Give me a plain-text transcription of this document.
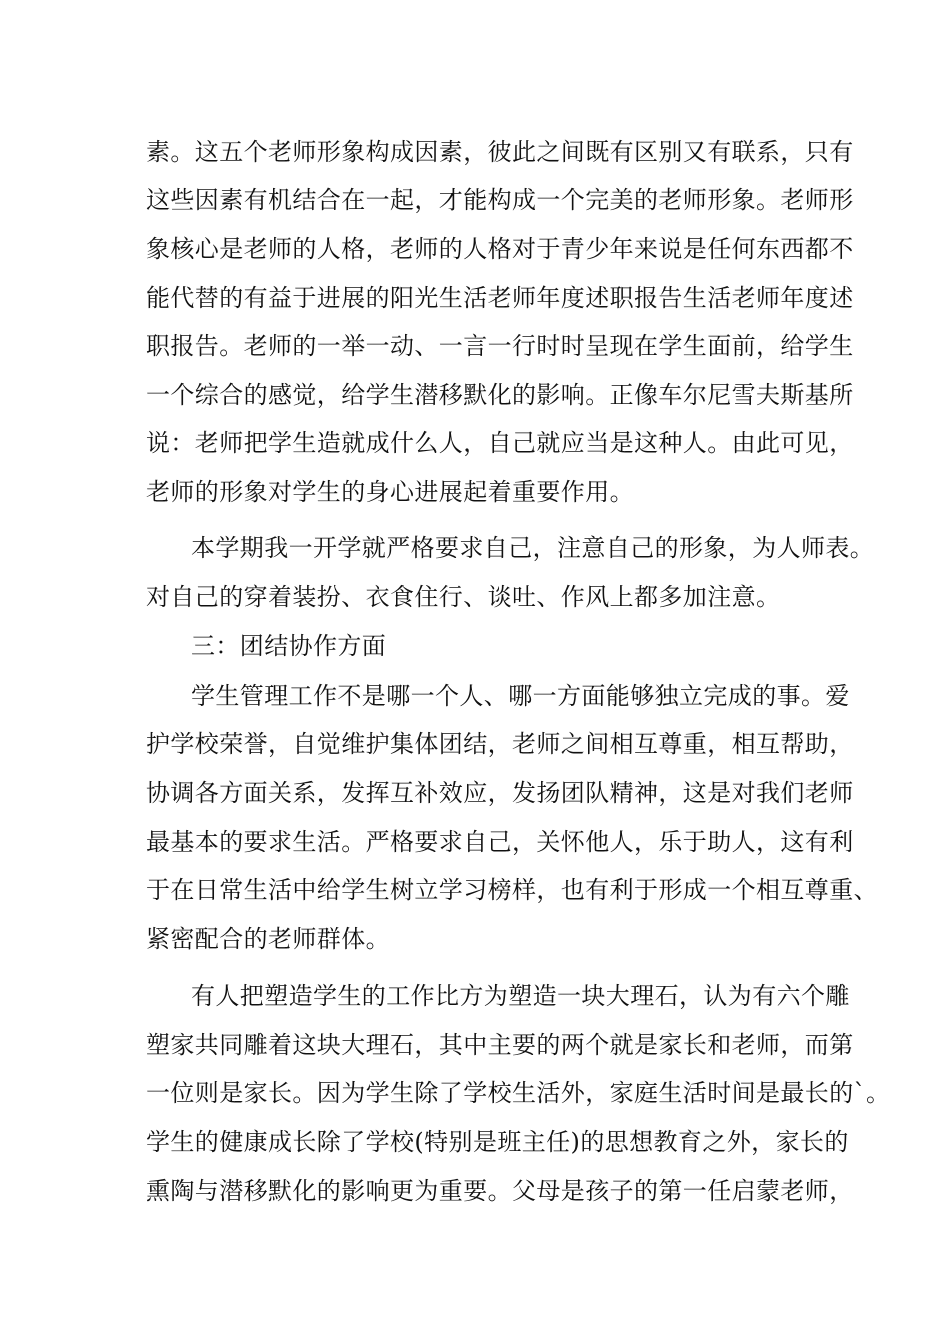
素。这五个老师形象构成因素，彼此之间既有区别又有联系，只有
这些因素有机结合在一起，才能构成一个完美的老师形象。老师形
象核心是老师的人格，老师的人格对于青少年来说是任何东西都不
能代替的有益于进展的阳光生活老师年度述职报告生活老师年度述
职报告。老师的一举一动、一言一行时时呈现在学生面前，给学生
一个综合的感觉，给学生潜移默化的影响。正像车尔尼雪夫斯基所
说：老师把学生造就成什么人，自己就应当是这种人。由此可见，
老师的形象对学生的身心进展起着重要作用。
本学期我一开学就严格要求自己，注意自己的形象，为人师表。
对自己的穿着装扮、衣食住行、谈吐、作风上都多加注意。
三：团结协作方面
学生管理工作不是哪一个人、哪一方面能够独立完成的事。爱
护学校荣誉，自觉维护集体团结，老师之间相互尊重，相互帮助，
协调各方面关系，发挥互补效应，发扬团队精神，这是对我们老师
最基本的要求生活。严格要求自己，关怀他人，乐于助人，这有利
于在日常生活中给学生树立学习榜样，也有利于形成一个相互尊重、
紧密配合的老师群体。
有人把塑造学生的工作比方为塑造一块大理石，认为有六个雕
塑家共同雕着这块大理石，其中主要的两个就是家长和老师，而第
一位则是家长。因为学生除了学校生活外，家庭生活时间是最长的`。
学生的健康成长除了学校(特别是班主任)的思想教育之外，家长的
熏陶与潜移默化的影响更为重要。父母是孩子的第一任启蒙老师，
